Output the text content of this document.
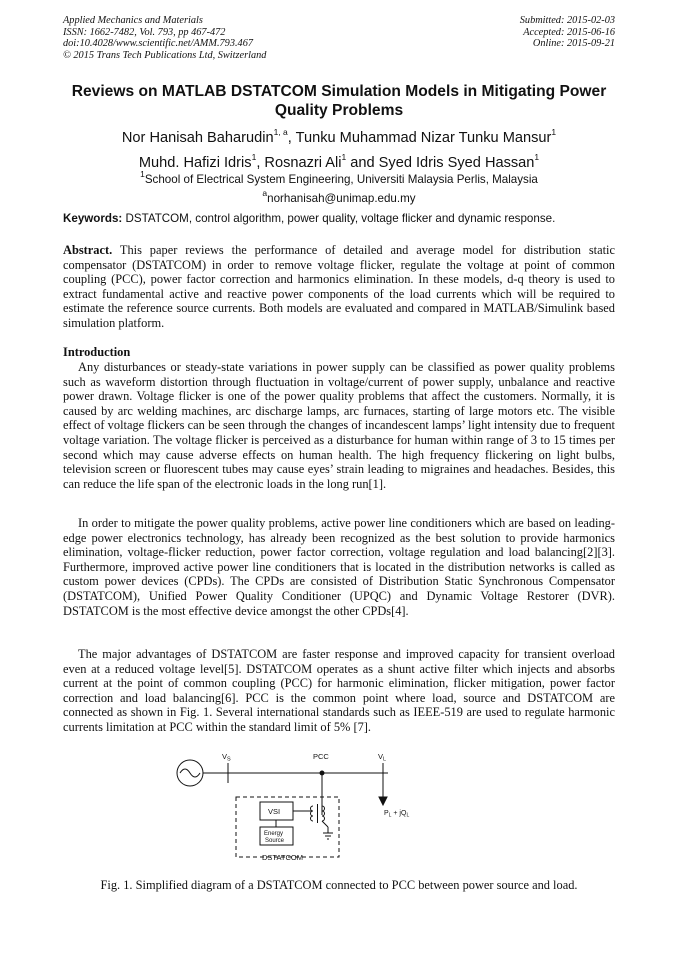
Applied Mechanics and Materials
ISSN: 1662-7482, Vol. 793, pp 467-472
doi:10.4028/www.scientific.net/AMM.793.467
© 2015 Trans Tech Publications Ltd, Switzerland
Submitted: 2015-02-03
Accepted: 2015-06-16
Online: 2015-09-21
Reviews on MATLAB DSTATCOM Simulation Models in Mitigating Power Quality Problems
Nor Hanisah Baharudin$^{1, a}$, Tunku Muhammad Nizar Tunku Mansur$^1$
Muhd. Hafizi Idris$^1$, Rosnazri Ali$^1$ and Syed Idris Syed Hassan$^1$
$^1$School of Electrical System Engineering, Universiti Malaysia Perlis, Malaysia
$^a$norhanisah@unimap.edu.my
Keywords: DSTATCOM, control algorithm, power quality, voltage flicker and dynamic response.
Abstract. This paper reviews the performance of detailed and average model for distribution static compensator (DSTATCOM) in order to remove voltage flicker, regulate the voltage at point of common coupling (PCC), power factor correction and harmonics elimination. In these models, d-q theory is used to extract fundamental active and reactive power components of the load currents which will be required to estimate the reference source currents. Both models are evaluated and compared in MATLAB/Simulink based simulation platform.
Introduction
Any disturbances or steady-state variations in power supply can be classified as power quality problems such as waveform distortion through fluctuation in voltage/current of power supply, unbalance and reactive power drawn. Voltage flicker is one of the power quality problems that affect the customers. Normally, it is caused by arc welding machines, arc discharge lamps, arc furnaces, starting of large motors etc. The visible effect of voltage flickers can be seen through the changes of incandescent lamps’ light intensity due to frequent voltage variation. The voltage flicker is perceived as a disturbance for human within range of 3 to 15 times per second which may cause adverse effects on human health. The high frequency flickering on light bulbs, television screen or fluorescent tubes may cause eyes’ strain leading to migraines and headaches. Besides, this can reduce the life span of the electronic loads in the long run[1].
In order to mitigate the power quality problems, active power line conditioners which are based on leading-edge power electronics technology, has already been recognized as the best solution to provide harmonics elimination, voltage-flicker reduction, power factor correction, voltage regulation and load balancing[2][3]. Furthermore, improved active power line conditioners that is located in the distribution networks is called as custom power devices (CPDs). The CPDs are consisted of Distribution Static Synchronous Compensator (DSTATCOM), Unified Power Quality Conditioner (UPQC) and Dynamic Voltage Restorer (DVR). DSTATCOM is the most effective device amongst the other CPDs[4].
The major advantages of DSTATCOM are faster response and improved capacity for transient overload even at a reduced voltage level[5]. DSTATCOM operates as a shunt active filter which injects and absorbs current at the point of common coupling (PCC) for harmonic elimination, flicker mitigation, power factor correction and load balancing[6]. PCC is the common point where load, source and DSTATCOM are connected as shown in Fig. 1. Several international standards such as IEEE-519 are used to regulate harmonic currents limitation at PCC within the standard limit of 5% [7].
$V_S$	PCC	$V_L$
VSI
Energy
Source
$P_L + jQ_L$
DSTATCOM
Fig. 1. Simplified diagram of a DSTATCOM connected to PCC between power source and load.
